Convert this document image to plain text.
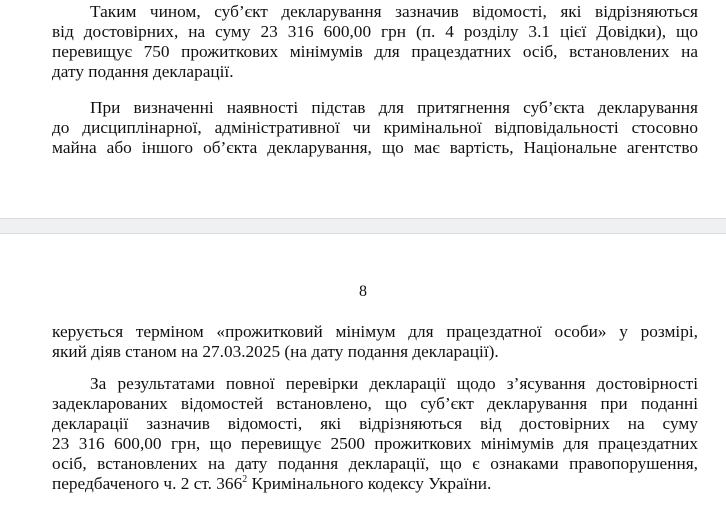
Таким чином, суб’єкт декларування зазначив відомості, які відрізняються
від достовірних, на суму 23 316 600,00 грн (п. 4 розділу 3.1 цієї Довідки), що
перевищує 750 прожиткових мінімумів для працездатних осіб, встановлених на
дату подання декларації.
При визначенні наявності підстав для притягнення суб’єкта декларування
до дисциплінарної, адміністративної чи кримінальної відповідальності стосовно
майна або іншого об’єкта декларування, що має вартість, Національне агентство
8
керується терміном «прожитковий мінімум для працездатної особи» у розмірі,
який діяв станом на 27.03.2025 (на дату подання декларації).
За результатами повної перевірки декларації щодо з’ясування достовірності
задекларованих відомостей встановлено, що суб’єкт декларування при поданні
декларації зазначив відомості, які відрізняються від достовірних на суму
23 316 600,00 грн, що перевищує 2500 прожиткових мінімумів для працездатних
осіб, встановлених на дату подання декларації, що є ознаками правопорушення,
передбаченого ч. 2 ст. $366^2$ Кримінального кодексу України.
